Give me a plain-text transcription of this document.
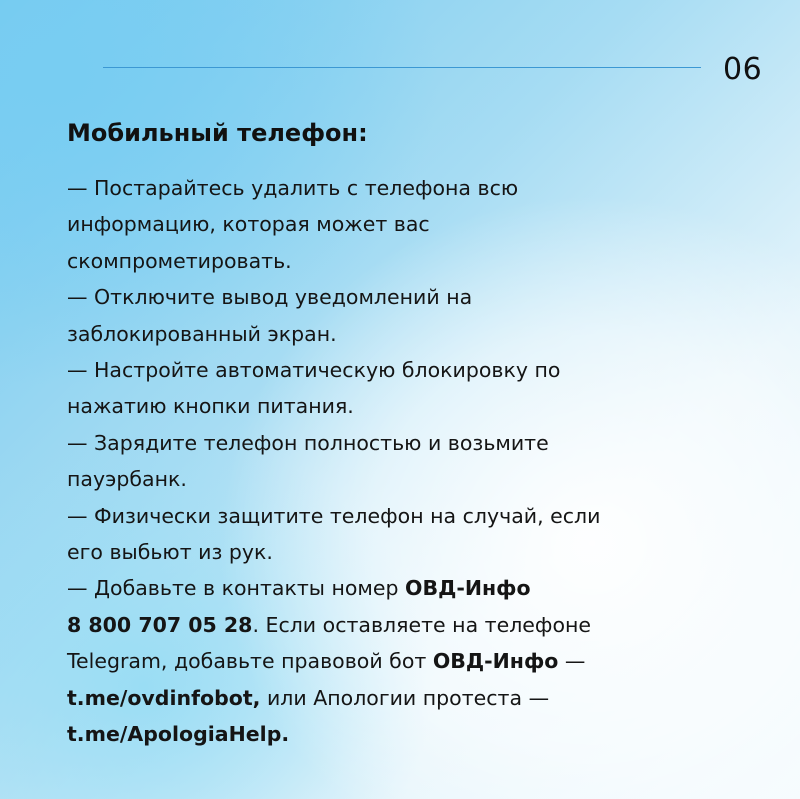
06
Мобильный телефон:
— Постарайтесь удалить с телефона всю
информацию, которая может вас
скомпрометировать.
— Отключите вывод уведомлений на
заблокированный экран.
— Настройте автоматическую блокировку по
нажатию кнопки питания.
— Зарядите телефон полностью и возьмите
пауэрбанк.
— Физически защитите телефон на случай, если
его выбьют из рук.
— Добавьте в контакты номер ОВД-Инфо
8 800 707 05 28. Если оставляете на телефоне
Telegram, добавьте правовой бот ОВД-Инфо —
t.me/ovdinfobot, или Апологии протеста —
t.me/ApologiaHelp.
